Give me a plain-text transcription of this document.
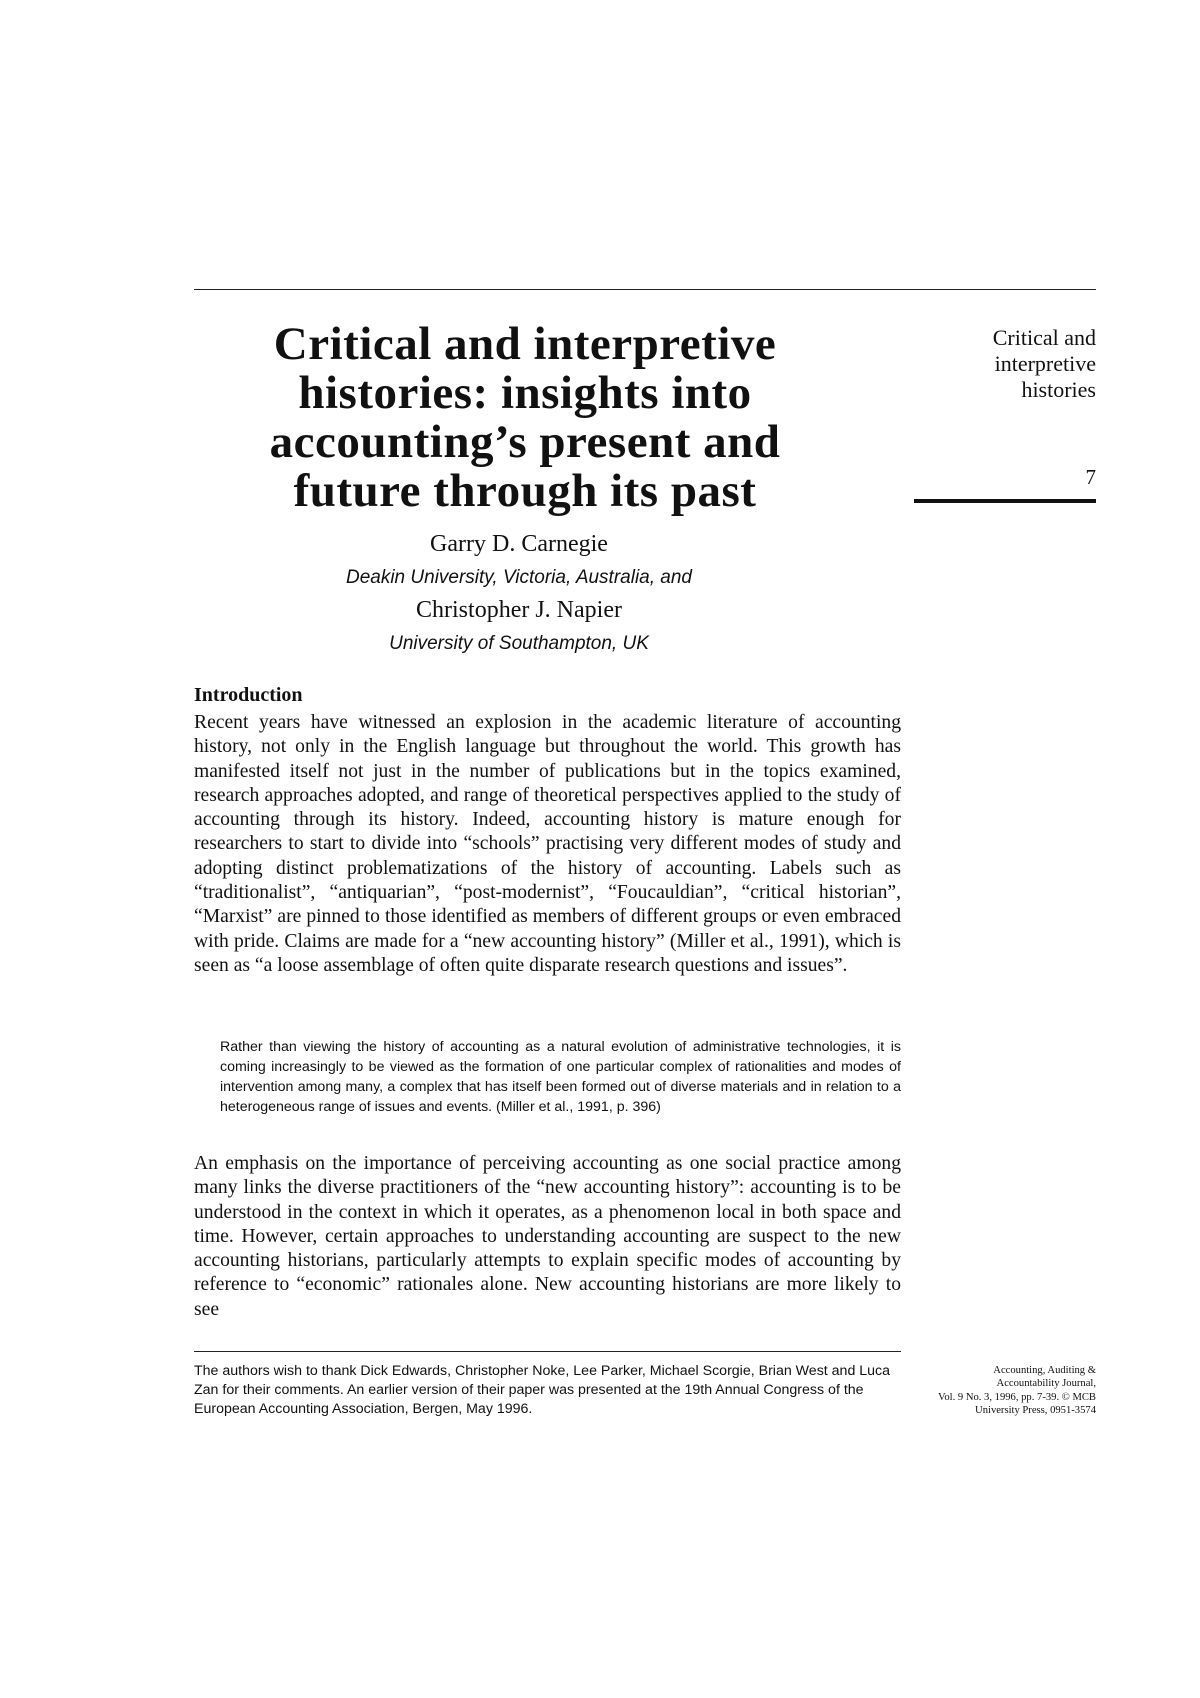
Critical and interpretive
histories: insights into
accounting’s present and
future through its past

Garry D. Carnegie

Deakin University, Victoria, Australia, and

Christopher J. Napier

University of Southampton, UK

Critical and
interpretive
histories

7
Introduction

Recent years have witnessed an explosion in the academic literature of accounting history, not only in the English language but throughout the world. This growth has manifested itself not just in the number of publications but in the topics examined, research approaches adopted, and range of theoretical perspectives applied to the study of accounting through its history. Indeed, accounting history is mature enough for researchers to start to divide into “schools” practising very different modes of study and adopting distinct problematizations of the history of accounting. Labels such as “traditionalist”, “antiquarian”, “post-modernist”, “Foucauldian”, “critical historian”, “Marxist” are pinned to those identified as members of different groups or even embraced with pride. Claims are made for a “new accounting history” (Miller et al., 1991), which is seen as “a loose assemblage of often quite disparate research questions and issues”.

Rather than viewing the history of accounting as a natural evolution of administrative technologies, it is coming increasingly to be viewed as the formation of one particular complex of rationalities and modes of intervention among many, a complex that has itself been formed out of diverse materials and in relation to a heterogeneous range of issues and events. (Miller et al., 1991, p. 396)

An emphasis on the importance of perceiving accounting as one social practice among many links the diverse practitioners of the “new accounting history”: accounting is to be understood in the context in which it operates, as a phenomenon local in both space and time. However, certain approaches to understanding accounting are suspect to the new accounting historians, particularly attempts to explain specific modes of accounting by reference to “economic” rationales alone. New accounting historians are more likely to see

The authors wish to thank Dick Edwards, Christopher Noke, Lee Parker, Michael Scorgie, Brian West and Luca Zan for their comments. An earlier version of their paper was presented at the 19th Annual Congress of the European Accounting Association, Bergen, May 1996.

Accounting, Auditing &
Accountability Journal,
Vol. 9 No. 3, 1996, pp. 7-39. © MCB
University Press, 0951-3574
